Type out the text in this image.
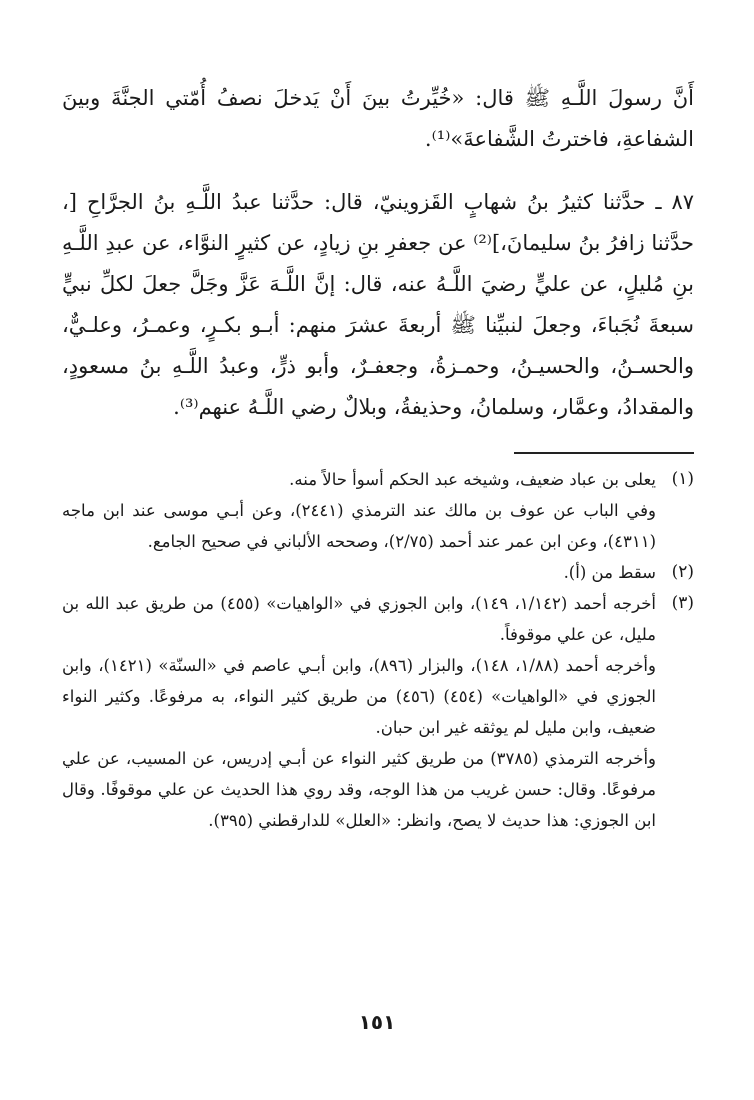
أَنَّ رسولَ اللَّـهِ ﷺ قال: «خُيِّرتُ بينَ أَنْ يَدخلَ نصفُ أُمّتي الجنَّةَ وبينَ الشفاعةِ، فاخترتُ الشَّفاعةَ»⁽¹⁾.

٨٧ ـ حدَّثنا كثيرُ بنُ شهابٍ القَزوينيّ، قال: حدَّثنا عبدُ اللَّـهِ بنُ الجرَّاحِ [، حدَّثنا زافرُ بنُ سليمانَ،]⁽²⁾ عن جعفرِ بنِ زيادٍ، عن كثيرٍ النوَّاء، عن عبدِ اللَّـهِ بنِ مُليلٍ، عن عليٍّ رضيَ اللَّـهُ عنه، قال: إنَّ اللَّـهَ عَزَّ وجَلَّ جعلَ لكلِّ نبيٍّ سبعةَ نُجَباءَ، وجعلَ لنبيِّنا ﷺ أربعةَ عشرَ منهم: أبـو بكـرٍ، وعمـرُ، وعلـيٌّ، والحسـنُ، والحسيـنُ، وحمـزةُ، وجعفـرٌ، وأبو ذرٍّ، وعبدُ اللَّـهِ بنُ مسعودٍ، والمقدادُ، وعمَّار، وسلمانُ، وحذيفةُ، وبلالٌ رضي اللَّـهُ عنهم⁽³⁾.

(١)

يعلى بن عباد ضعيف، وشيخه عبد الحكم أسوأ حالاً منه.

وفي الباب عن عوف بن مالك عند الترمذي (٢٤٤١)، وعن أبـي موسى عند ابن ماجه (٤٣١١)، وعن ابن عمر عند أحمد (٢/٧٥)، وصححه الألباني في صحيح الجامع.

(٢)

سقط من (أ).

(٣)

أخرجه أحمد (١/١٤٢، ١٤٩)، وابن الجوزي في «الواهيات» (٤٥٥) من طريق عبد الله بن مليل، عن علي موقوفاً.

وأخرجه أحمد (١/٨٨، ١٤٨)، والبزار (٨٩٦)، وابن أبـي عاصم في «السنّة» (١٤٢١)، وابن الجوزي في «الواهيات» (٤٥٤) (٤٥٦) من طريق كثير النواء، به مرفوعًا. وكثير النواء ضعيف، وابن مليل لم يوثقه غير ابن حبان.

وأخرجه الترمذي (٣٧٨٥) من طريق كثير النواء عن أبـي إدريس، عن المسيب، عن علي مرفوعًا. وقال: حسن غريب من هذا الوجه، وقد روي هذا الحديث عن علي موقوفًا. وقال ابن الجوزي: هذا حديث لا يصح، وانظر: «العلل» للدارقطني (٣٩٥).

١٥١
